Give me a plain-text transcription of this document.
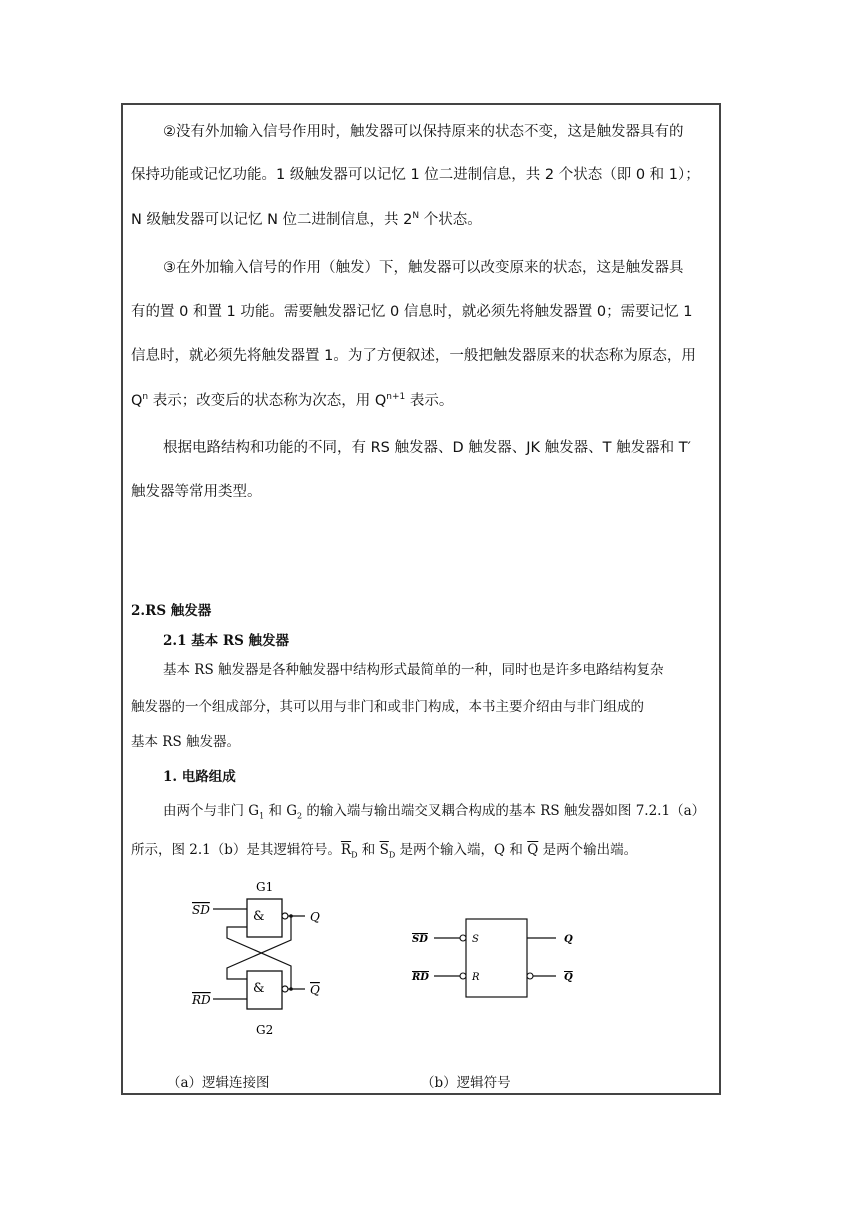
②没有外加输入信号作用时，触发器可以保持原来的状态不变，这是触发器具有的
保持功能或记忆功能。1 级触发器可以记忆 1 位二进制信息，共 2 个状态（即 0 和 1）；
N 级触发器可以记忆 N 位二进制信息，共 $2^N$ 个状态。
③在外加输入信号的作用（触发）下，触发器可以改变原来的状态，这是触发器具
有的置 0 和置 1 功能。需要触发器记忆 0 信息时，就必须先将触发器置 0；需要记忆 1
信息时，就必须先将触发器置 1。为了方便叙述，一般把触发器原来的状态称为原态，用
$Q^n$ 表示；改变后的状态称为次态，用 $Q^{n+1}$ 表示。
根据电路结构和功能的不同，有 RS 触发器、D 触发器、JK 触发器、T 触发器和 T′
触发器等常用类型。
2.RS 触发器
2.1 基本 RS 触发器
基本 RS 触发器是各种触发器中结构形式最简单的一种，同时也是许多电路结构复杂
触发器的一个组成部分，其可以用与非门和或非门构成，本书主要介绍由与非门组成的
基本 RS 触发器。
1. 电路组成
由两个与非门 $G_1$ 和 $G_2$ 的输入端与输出端交叉耦合构成的基本 RS 触发器如图 7.2.1（a）
所示，图 2.1（b）是其逻辑符号。$\overline{R}_D$ 和 $\overline{S}_D$ 是两个输入端，Q 和 $\overline{Q}$ 是两个输出端。
G1
&
&
G2
SD
RD
Q
Q
S
R
SD
RD
Q
Q
（a）逻辑连接图	（b）逻辑符号
